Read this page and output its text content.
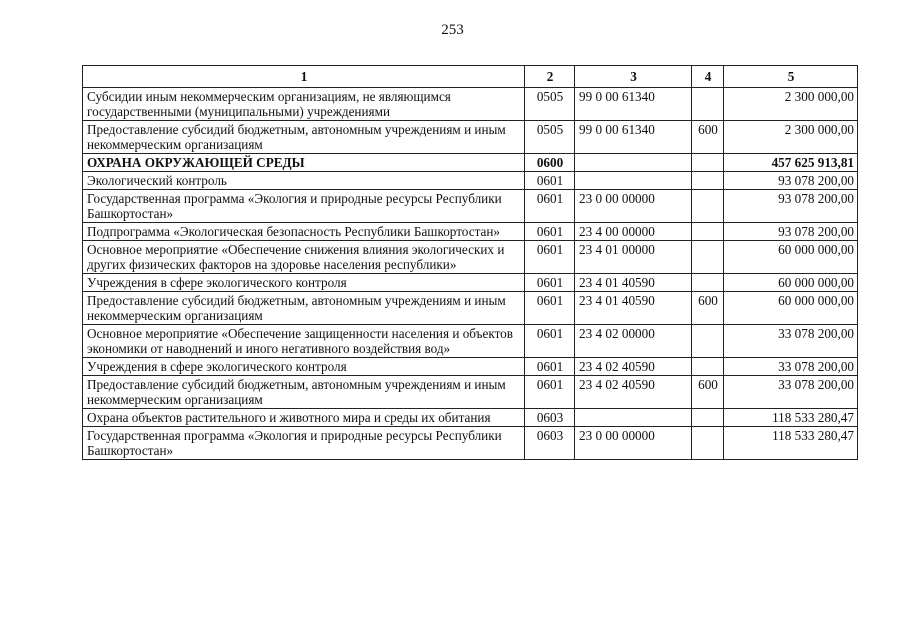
253
1	2	3	4	5
Субсидии иным некоммерческим организациям, не являющимся государственными (муниципальными) учреждениями	0505	99 0 00 61340		2 300 000,00
Предоставление субсидий бюджетным, автономным учреждениям и иным некоммерческим организациям	0505	99 0 00 61340	600	2 300 000,00
ОХРАНА ОКРУЖАЮЩЕЙ СРЕДЫ	0600			457 625 913,81
Экологический контроль	0601			93 078 200,00
Государственная программа «Экология и природные ресурсы Республики Башкортостан»	0601	23 0 00 00000		93 078 200,00
Подпрограмма «Экологическая безопасность Республики Башкортостан»	0601	23 4 00 00000		93 078 200,00
Основное мероприятие «Обеспечение снижения влияния экологических и других физических факторов на здоровье населения республики»	0601	23 4 01 00000		60 000 000,00
Учреждения в сфере экологического контроля	0601	23 4 01 40590		60 000 000,00
Предоставление субсидий бюджетным, автономным учреждениям и иным некоммерческим организациям	0601	23 4 01 40590	600	60 000 000,00
Основное мероприятие «Обеспечение защищенности населения и объектов экономики от наводнений и иного негативного воздействия вод»	0601	23 4 02 00000		33 078 200,00
Учреждения в сфере экологического контроля	0601	23 4 02 40590		33 078 200,00
Предоставление субсидий бюджетным, автономным учреждениям и иным некоммерческим организациям	0601	23 4 02 40590	600	33 078 200,00
Охрана объектов растительного и животного мира и среды их обитания	0603			118 533 280,47
Государственная программа «Экология и природные ресурсы Республики Башкортостан»	0603	23 0 00 00000		118 533 280,47
